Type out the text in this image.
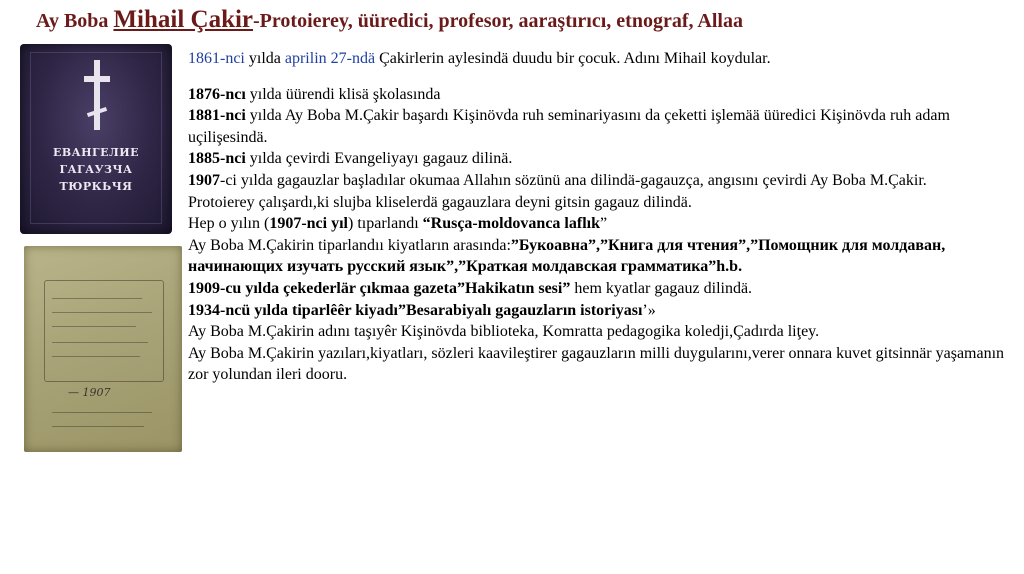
Ay Boba Mihail Çakir-Protoierey, üüredici, profesor, aaraştırıcı, etnograf, Allaa
ЕВАНГЕЛИЕ
ГАГАУЗЧА
ТЮРКЬЧЯ
— 1907

1861-nci yılda aprilin 27-ndä Çakirlerin aylesindä duudu bir çocuk. Adını Mihail koydular.

1876-ncı yılda üürendi klisä şkolasında

1881-nci yılda Ay Boba M.Çakir başardı Kişinövda ruh seminariyasını da çeketti işlemää üüredici Kişinövda ruh adam uçilişesindä.

1885-nci yılda çevirdi Evangeliyayı gagauz dilinä.

1907-ci yılda gagauzlar başladılar okumaa Allahın sözünü ana dilindä-gagauzça, angısını çevirdi Ay Boba M.Çakir.

Protoierey çalışardı,ki slujba kliselerdä gagauzlara deyni gitsin gagauz dilindä.

Hep o yılın (1907-nci yıl) tıparlandı “Rusça-moldovanca laflık”

Ay Boba M.Çakirin tiparlandıı kiyatların arasında:”Букоавна”,”Книга для чтения”,”Помощник для молдаван, начинающих изучать русский язык”,”Краткая молдавская грамматика”h.b.

1909-cu yılda çekederlär çıkmaa gazeta”Hakikatın sesi” hem kyatlar gagauz dilindä.

1934-ncü yılda tiparlêêr kiyadı”Besarabiyalı gagauzların istoriyası’»

Ay Boba M.Çakirin adını taşıyêr Kişinövda biblioteka, Komratta pedagogika koledji,Çadırda liţey.

Ay Boba M.Çakirin yazıları,kiyatları, sözleri kaavileştirer gagauzların milli duygularını,verer onnara kuvet gitsinnär yaşamanın zor yolundan ileri dooru.
